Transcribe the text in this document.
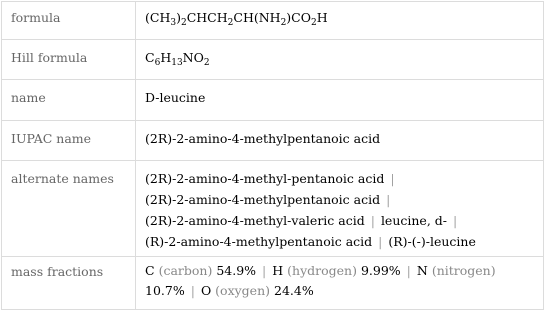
formula	$(CH_3)_2CHCH_2CH(NH_2)CO_2H$
Hill formula	$C_6H_{13}NO_2$
name	D-leucine
IUPAC name	(2R)-2-amino-4-methylpentanoic acid
alternate names	(2R)-2-amino-4-methyl-pentanoic acid |
(2R)-2-amino-4-methylpentanoic acid |
(2R)-2-amino-4-methyl-valeric acid | leucine, d- |
(R)-2-amino-4-methylpentanoic acid | (R)-(-)-leucine
mass fractions	C (carbon) 54.9% | H (hydrogen) 9.99% | N (nitrogen)
10.7% | O (oxygen) 24.4%
